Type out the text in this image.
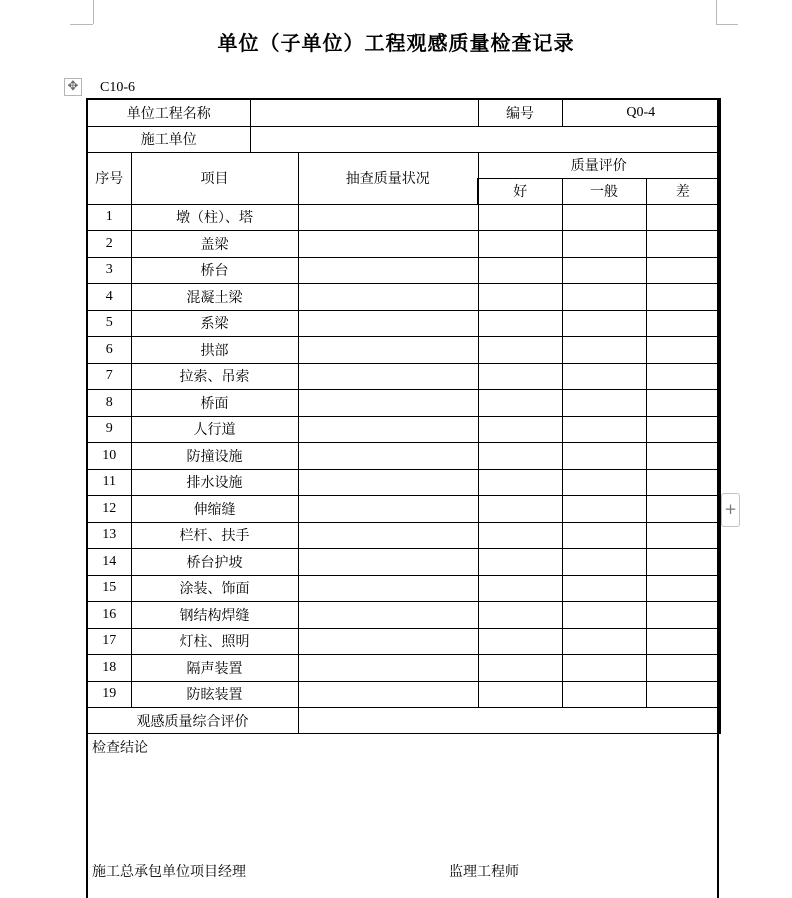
单位（子单位）工程观感质量检查记录
✥ C10-6
单位工程名称				编号	Q0-4	
施工单位						
序号	项目		抽查质量状况	质量评价		
				好	一般	差
1	墩（柱）、塔					
2	盖梁					
3	桥台					
4	混凝土梁					
5	系梁					
6	拱部					
7	拉索、吊索					
8	桥面					
9	人行道					
10	防撞设施					
11	排水设施					
12	伸缩缝					
13	栏杆、扶手					
14	桥台护坡					
15	涂装、饰面					
16	钢结构焊缝					
17	灯柱、照明					
18	隔声装置					
19	防眩装置					
观感质量综合评价						
检查结论
施工总承包单位项目经理	监理工程师
+
